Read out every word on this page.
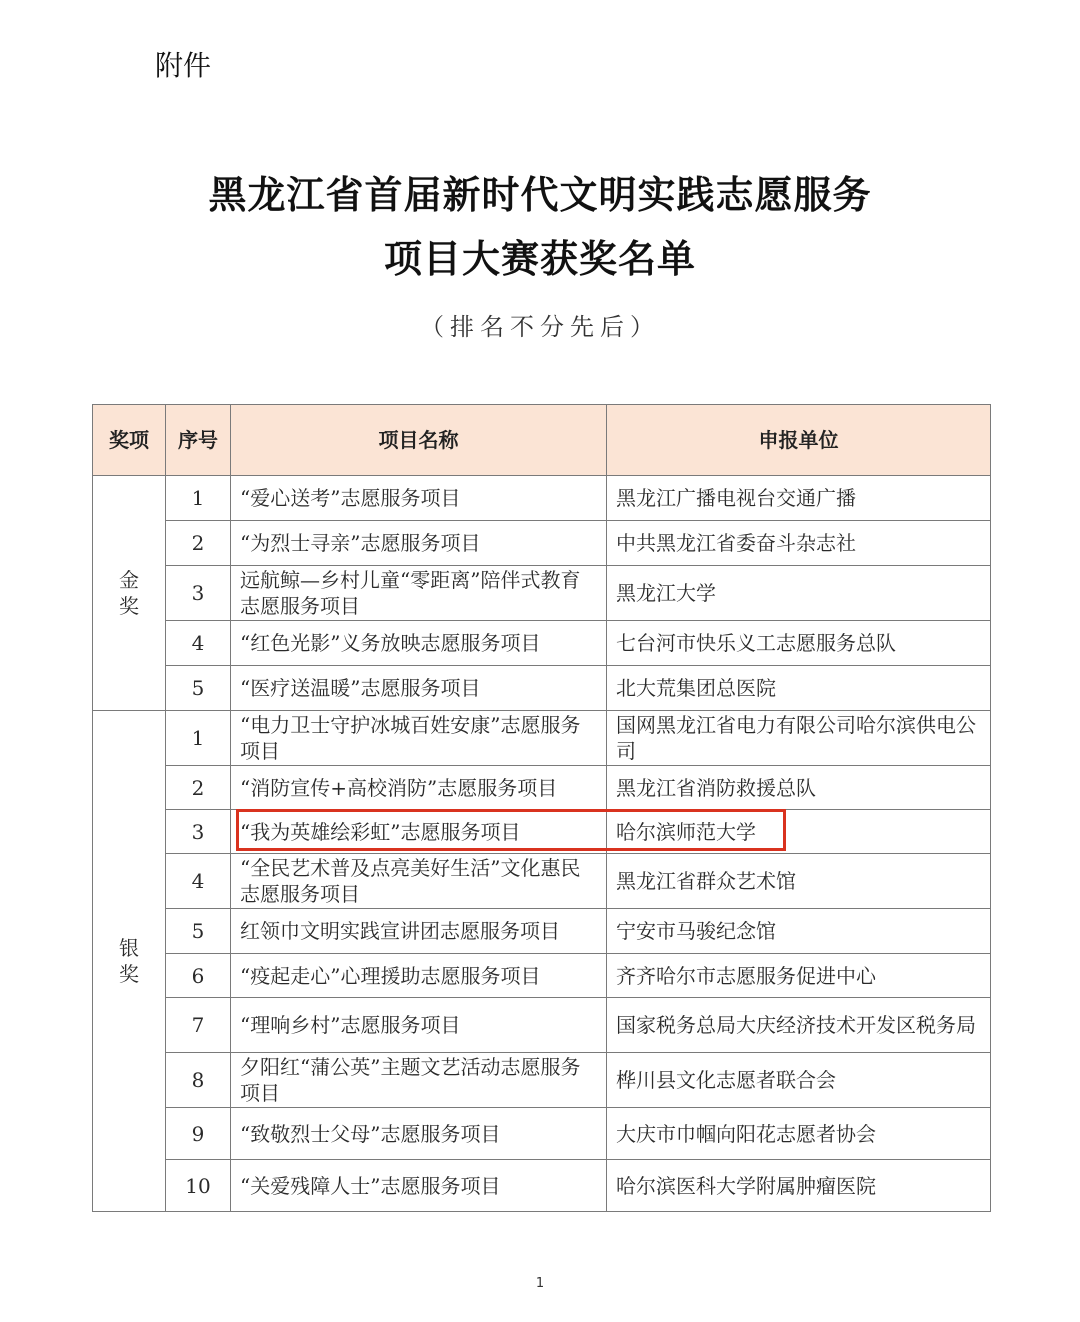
附件
黑龙江省首届新时代文明实践志愿服务
项目大赛获奖名单
（排名不分先后）
奖项	序号	项目名称	申报单位

金
奖	1	“爱心送考”志愿服务项目	黑龙江广播电视台交通广播
	2	“为烈士寻亲”志愿服务项目	中共黑龙江省委奋斗杂志社
	3	远航鲸—乡村儿童“零距离”陪伴式教育志愿服务项目	黑龙江大学
	4	“红色光影”义务放映志愿服务项目	七台河市快乐义工志愿服务总队
	5	“医疗送温暖”志愿服务项目	北大荒集团总医院

银
奖	1	“电力卫士守护冰城百姓安康”志愿服务项目	国网黑龙江省电力有限公司哈尔滨供电公司
	2	“消防宣传+高校消防”志愿服务项目	黑龙江省消防救援总队
	3	“我为英雄绘彩虹”志愿服务项目	哈尔滨师范大学
	4	“全民艺术普及点亮美好生活”文化惠民志愿服务项目	黑龙江省群众艺术馆
	5	红领巾文明实践宣讲团志愿服务项目	宁安市马骏纪念馆
	6	“疫起走心”心理援助志愿服务项目	齐齐哈尔市志愿服务促进中心
	7	“理响乡村”志愿服务项目	国家税务总局大庆经济技术开发区税务局
	8	夕阳红“蒲公英”主题文艺活动志愿服务项目	桦川县文化志愿者联合会
	9	“致敬烈士父母”志愿服务项目	大庆市巾帼向阳花志愿者协会
	10	“关爱残障人士”志愿服务项目	哈尔滨医科大学附属肿瘤医院
1
